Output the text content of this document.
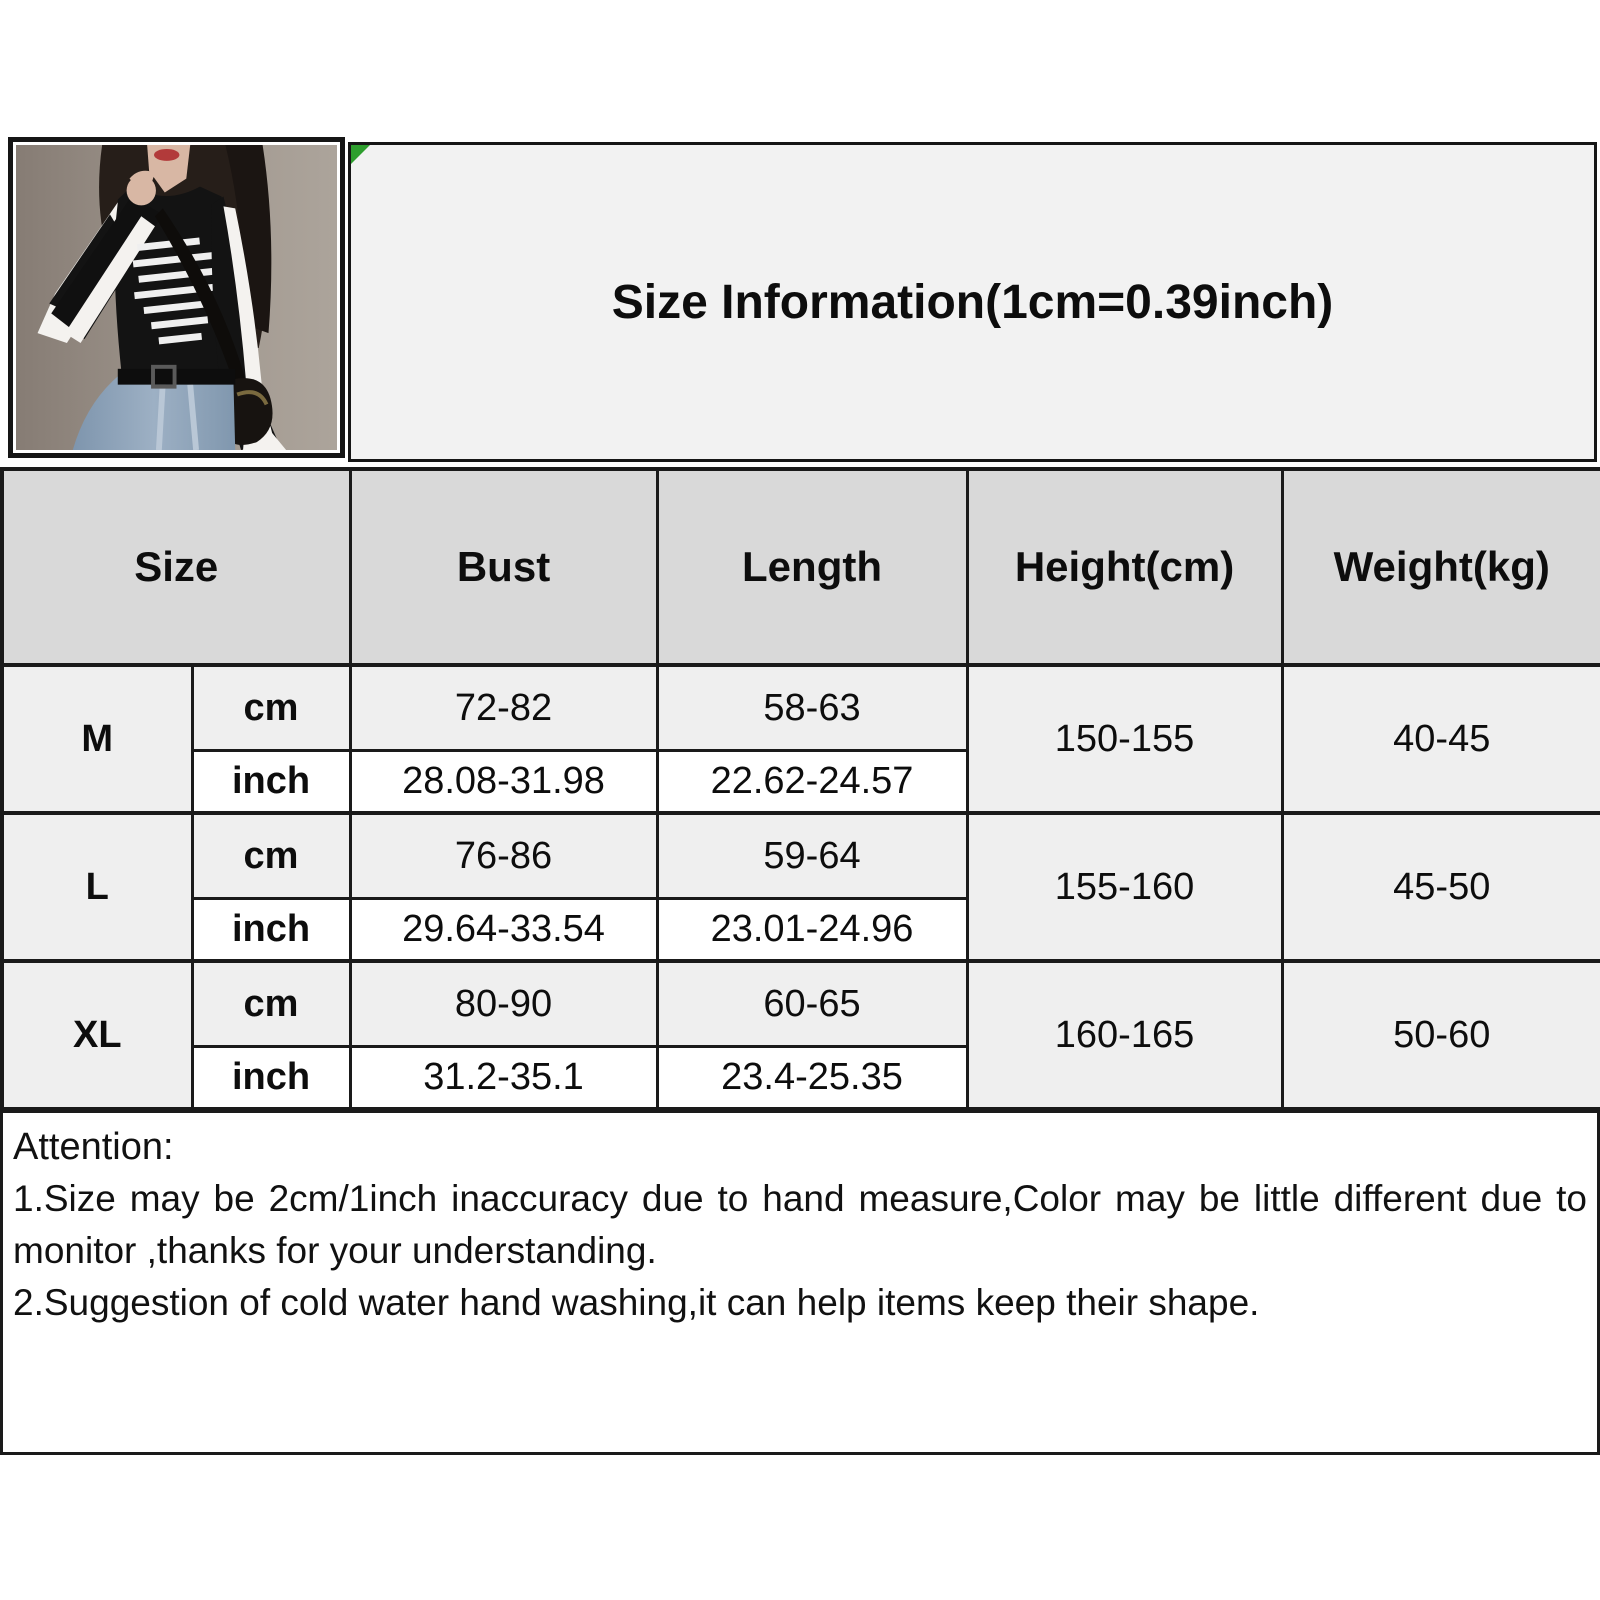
Size Information(1cm=0.39inch)
Size		Bust	Length	Height(cm)	Weight(kg)
M	cm	72-82	58-63	150-155	40-45
	inch	28.08-31.98	22.62-24.57		
L	cm	76-86	59-64	155-160	45-50
	inch	29.64-33.54	23.01-24.96		
XL	cm	80-90	60-65	160-165	50-60
	inch	31.2-35.1	23.4-25.35		
Attention:

1.Size may be 2cm/1inch inaccuracy due to hand measure,Color may be little different due to monitor ,thanks for your understanding.

2.Suggestion of cold water hand washing,it can help items keep their shape.
